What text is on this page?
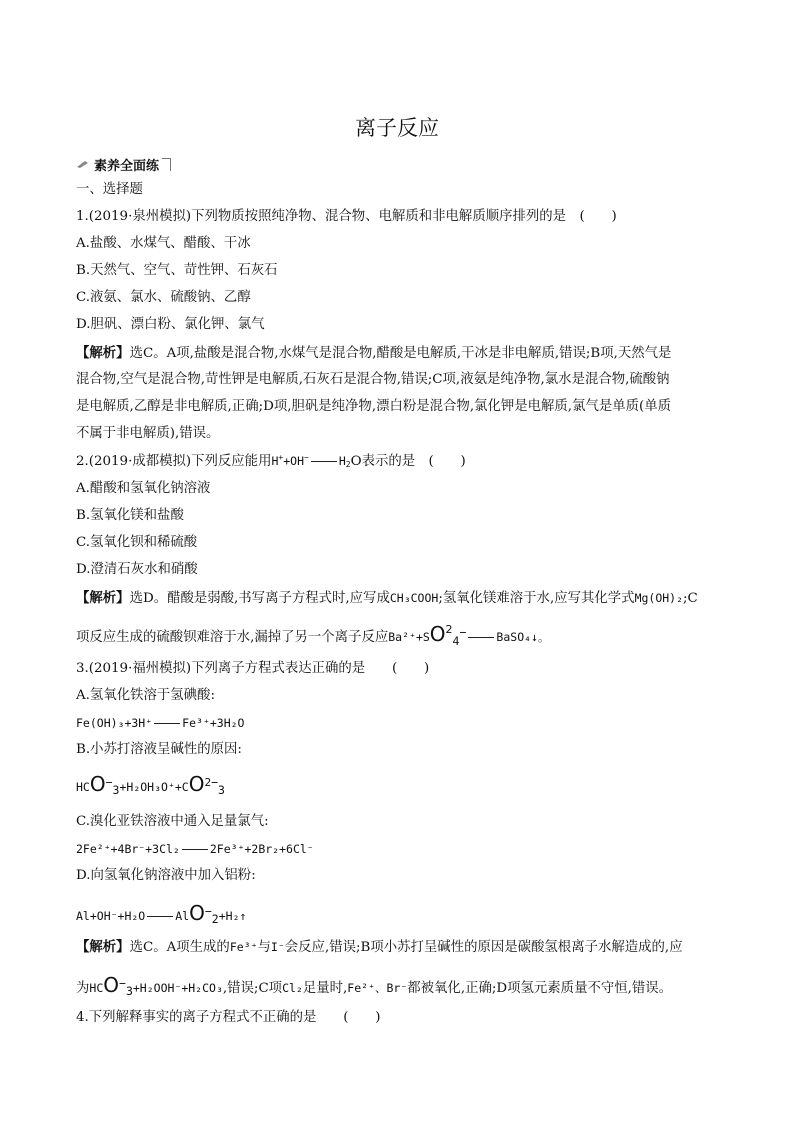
离子反应
素养全面练
一、选择题
1.(2019·泉州模拟)下列物质按照纯净物、混合物、电解质和非电解质顺序排列的是　(　　)
A.盐酸、水煤气、醋酸、干冰
B.天然气、空气、苛性钾、石灰石
C.液氨、氯水、硫酸钠、乙醇
D.胆矾、漂白粉、氯化钾、氯气
【解析】选C。A项,盐酸是混合物,水煤气是混合物,醋酸是电解质,干冰是非电解质,错误;B项,天然气是
混合物,空气是混合物,苛性钾是电解质,石灰石是混合物,错误;C项,液氨是纯净物,氯水是混合物,硫酸钠
是电解质,乙醇是非电解质,正确;D项,胆矾是纯净物,漂白粉是混合物,氯化钾是电解质,氯气是单质(单质
不属于非电解质),错误。
2.(2019·成都模拟)下列反应能用H++OH−	$H_2O$表示的是　(　　)
A.醋酸和氢氧化钠溶液
B.氢氧化镁和盐酸
C.氢氧化钡和稀硫酸
D.澄清石灰水和硝酸
【解析】选D。醋酸是弱酸,书写离子方程式时,应写成CH₃COOH;氢氧化镁难溶于水,应写其化学式Mg(OH)₂;C
项反应生成的硫酸钡难溶于水,漏掉了另一个离子反应$Ba^{2+}+SO^24^-$	BaSO₄↓。
3.(2019·福州模拟)下列离子方程式表达正确的是　　(　　)
A.氢氧化铁溶于氢碘酸:
Fe(OH)₃+3H⁺	Fe³⁺+3H₂O
B.小苏打溶液呈碱性的原因:
$HCO^-3+H_2OH_3O^++CO^{2-}3$
C.溴化亚铁溶液中通入足量氯气:
2Fe²⁺+4Br⁻+3Cl₂	2Fe³⁺+2Br₂+6Cl⁻
D.向氢氧化钠溶液中加入铝粉:
Al+OH⁻+H₂O	AlO−2+H₂↑
【解析】选C。A项生成的Fe³⁺与I⁻会反应,错误;B项小苏打呈碱性的原因是碳酸氢根离子水解造成的,应
为HCO−3+H₂OOH⁻+H₂CO₃,错误;C项Cl₂足量时,Fe²⁺、Br⁻都被氧化,正确;D项氢元素质量不守恒,错误。
4.下列解释事实的离子方程式不正确的是　　(　　)
